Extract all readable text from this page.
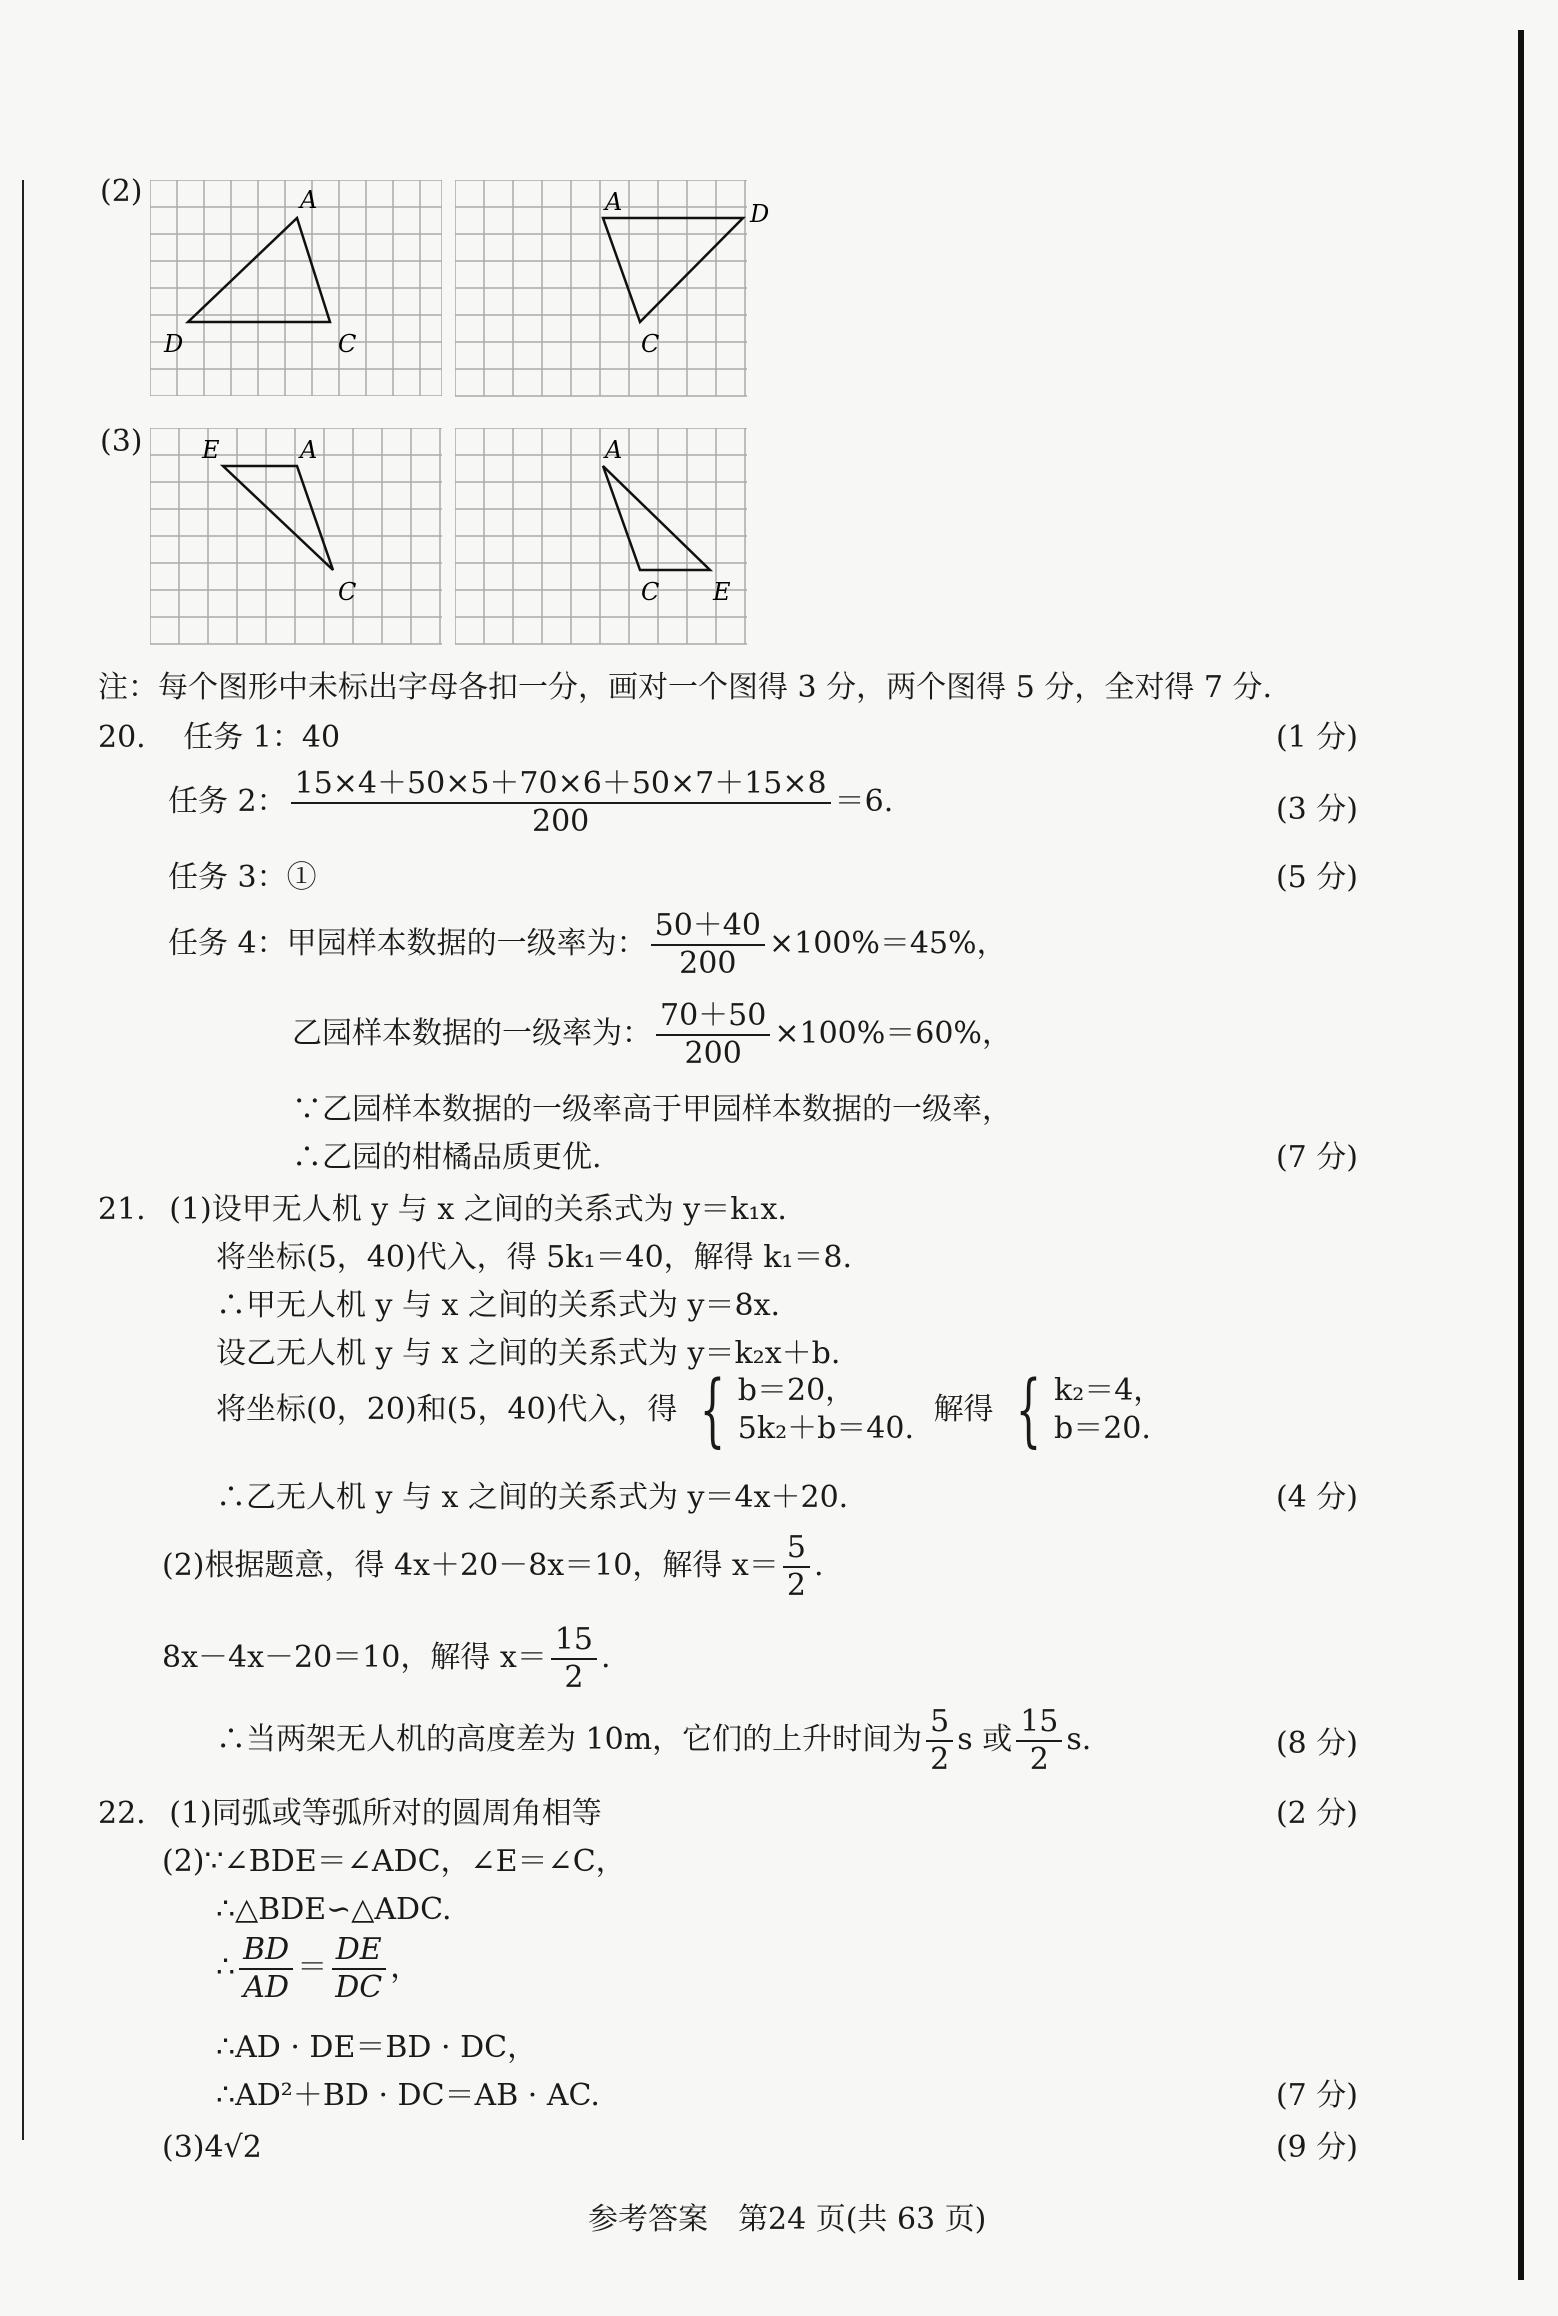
(2)	A
D	C
(3)
注：每个图形中未标出字母各扣一分，画对一个图得 3 分，两个图得 5 分，全对得 7 分.
20. 任务 1：40	(1 分)
任务 2： $\frac{15\times 4+50\times 5+70\times 6+50\times 7+15\times 8}{200} =6$.	(3 分)
任务 3：①	(5 分)
任务 4：甲园样本数据的一级率为： $\frac{50+40}{200} \times 100\%=45\%$，
乙园样本数据的一级率为： $\frac{70+50}{200} \times 100\%=60\%$，
∵乙园样本数据的一级率高于甲园样本数据的一级率，
∴乙园的柑橘品质更优.	(7 分)
21. (1)设甲无人机 y 与 x 之间的关系式为 y＝k₁x.
将坐标(5，40)代入，得 5k₁＝40，解得 k₁＝8.
∴甲无人机 y 与 x 之间的关系式为 y＝8x.
设乙无人机 y 与 x 之间的关系式为 y＝k₂x＋b.
将坐标(0，20)和(5，40)代入，得 { b＝20，
5k₂＋b＝40.
解得 { k₂＝4，
b＝20.
∴乙无人机 y 与 x 之间的关系式为 y＝4x＋20.	(4 分)
(2)根据题意，得 4x＋20－8x＝10，解得 $x= \frac{5}{2}$ .
8x－4x－20＝10，解得 $x= \frac{15}{2}$ .
∴当两架无人机的高度差为 10m，它们的上升时间为 $\frac{5}{2}$ s 或 $\frac{15}{2} s$.	(8 分)
22. (1)同弧或等弧所对的圆周角相等	(2 分)
(2)∵∠BDE＝∠ADC，∠E＝∠C，
∴△BDE∽△ADC.
∴ $\frac{BD}{AD} = \frac{DE}{DC}$ ，
∴AD · DE＝BD · DC，
∴AD²＋BD · DC＝AB · AC.	(7 分)
(3)4√2	(9 分)
参考答案　第24 页(共 63 页)
A	D
C
E	A
C
A
C E
